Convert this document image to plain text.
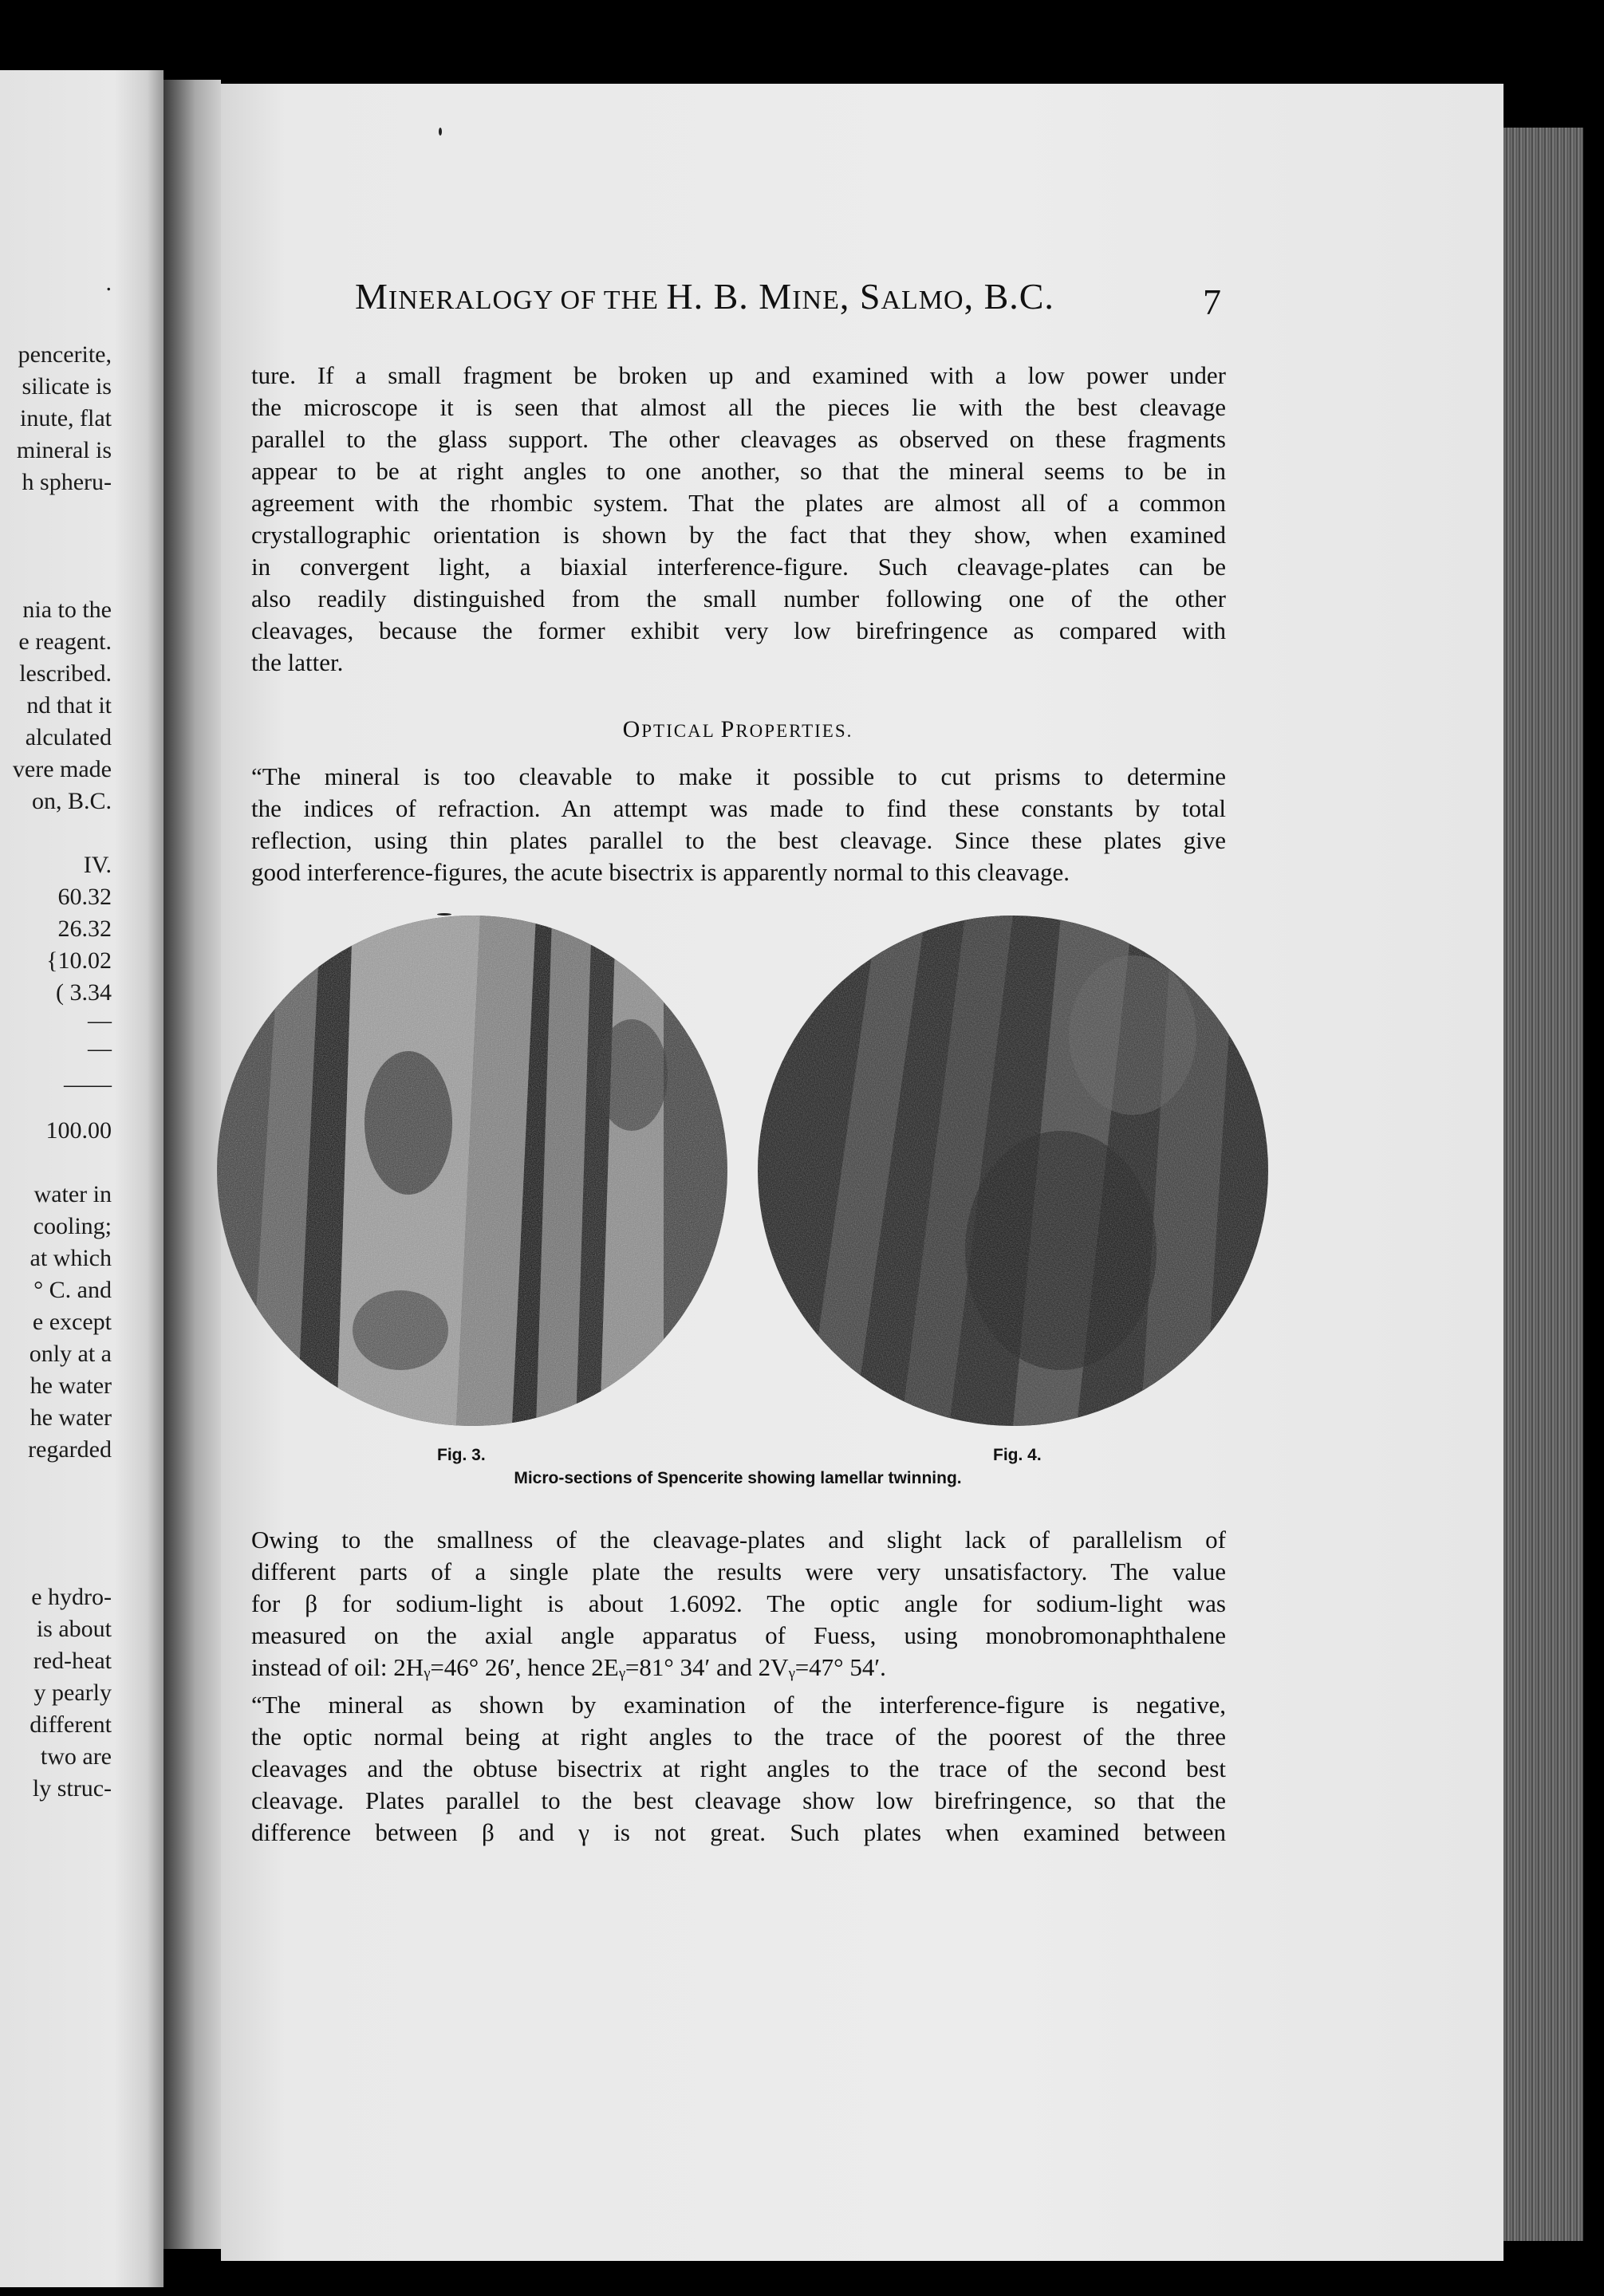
.
pencerite,
silicate is
inute, flat
mineral is
h spheru-
nia to the
e reagent.
lescribed.
nd that it
alculated
vere made
on, B.C.
IV.
60.32
26.32
{10.02
( 3.34
—
—
——
100.00
water in
cooling;
at which
° C. and
e except
only at a
he water
he water
regarded
e hydro-
is about
red-heat
y pearly
different
two are
ly struc-
MINERALOGY OF THE H. B. MINE, SALMO, B.C.	7
ture. If a small fragment be broken up and examined with a low power under
the microscope it is seen that almost all the pieces lie with the best cleavage
parallel to the glass support. The other cleavages as observed on these fragments
appear to be at right angles to one another, so that the mineral seems to be in
agreement with the rhombic system. That the plates are almost all of a common
crystallographic orientation is shown by the fact that they show, when examined
in convergent light, a biaxial interference-figure. Such cleavage-plates can be
also readily distinguished from the small number following one of the other
cleavages, because the former exhibit very low birefringence as compared with
the latter.
OPTICAL PROPERTIES.
“The mineral is too cleavable to make it possible to cut prisms to determine
the indices of refraction. An attempt was made to find these constants by total
reflection, using thin plates parallel to the best cleavage. Since these plates give
good interference-figures, the acute bisectrix is apparently normal to this cleavage.
Fig. 3.	Fig. 4.
Micro-sections of Spencerite showing lamellar twinning.
Owing to the smallness of the cleavage-plates and slight lack of parallelism of
different parts of a single plate the results were very unsatisfactory. The value
for β for sodium-light is about 1.6092. The optic angle for sodium-light was
measured on the axial angle apparatus of Fuess, using monobromonaphthalene
instead of oil: 2Hᵧ=46° 26′, hence 2Eᵧ=81° 34′ and 2Vᵧ=47° 54′.
“The mineral as shown by examination of the interference-figure is negative,
the optic normal being at right angles to the trace of the poorest of the three
cleavages and the obtuse bisectrix at right angles to the trace of the second best
cleavage. Plates parallel to the best cleavage show low birefringence, so that the
difference between β and γ is not great. Such plates when examined between
